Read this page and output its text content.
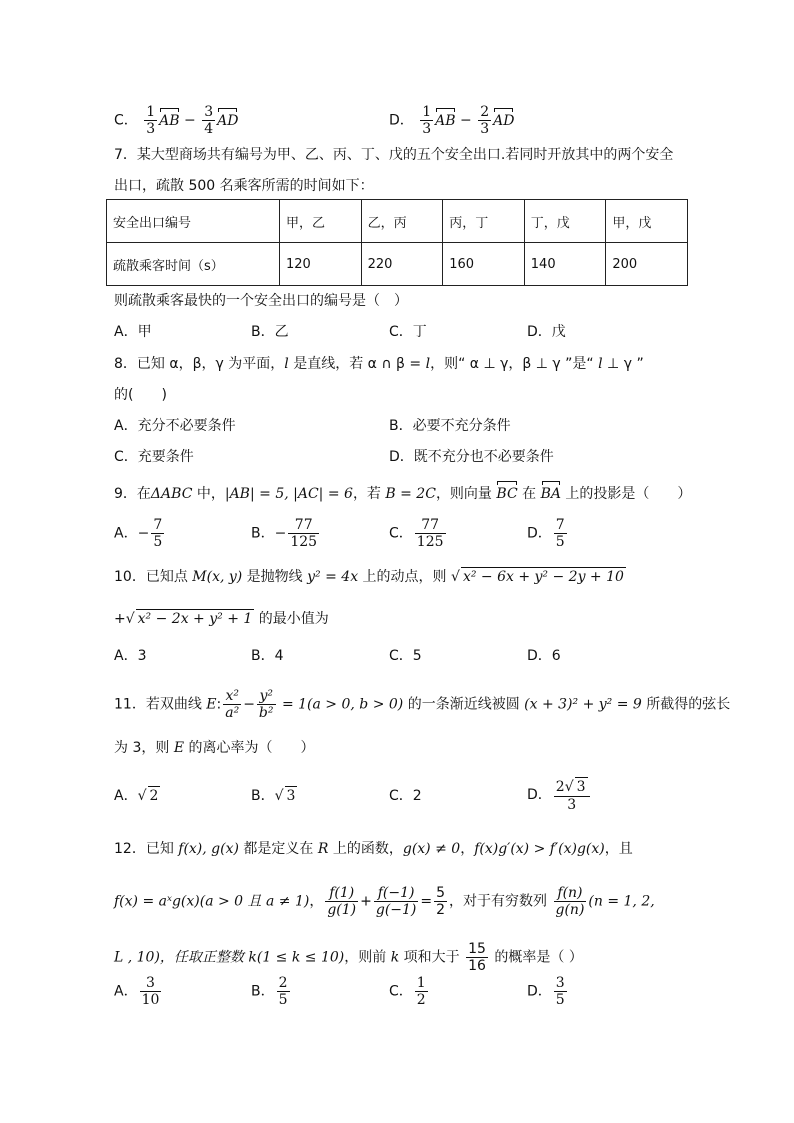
C． $\frac{1}{3}$ AB − $\frac{3}{4}$ AD	D． $\frac{1}{3}$ AB − $\frac{2}{3}$ AD
7．某大型商场共有编号为甲、乙、丙、丁、戊的五个安全出口.若同时开放其中的两个安全
出口，疏散 500 名乘客所需的时间如下：
安全出口编号	甲，乙	乙，丙	丙，丁	丁，戊	甲，戊
疏散乘客时间（s）	120	220	160	140	200
则疏散乘客最快的一个安全出口的编号是（　）
A．甲	B．乙	C．丁	D．戊
8．已知 α，β，γ 为平面，l 是直线，若 α ∩ β = l，则“ α ⊥ γ，β ⊥ γ ”是“ l ⊥ γ ”
的(　　)
A．充分不必要条件	B．必要不充分条件
C．充要条件	D．既不充分也不必要条件
9．在ΔABC 中，|AB| = 5, |AC| = 6，若 B = 2C，则向量 BC 在 BA 上的投影是（　　）
A．− $\frac{7}{5}$	B．− $\frac{77}{125}$	C． $\frac{77}{125}$	D． $\frac{7}{5}$
10．已知点 M(x, y) 是抛物线 y² = 4x 上的动点，则 √ x² − 6x + y² − 2y + 10
+√ x² − 2x + y² + 1 的最小值为
A．3	B．4	C．5	D．6
11．若双曲线 E: $\frac{\text{x²}}{\text{a²}} - \frac{\text{y²}}{\text{b²}} = 1(a > 0$, b > 0) 的一条渐近线被圆 (x + 3)² + y² = 9 所截得的弦长
为 3，则 E 的离心率为（　　）
A．√ 2	B．√ 3	C．2	D． $\frac{2√ 3}{3}$
12．已知 f(x), g(x) 都是定义在 R 上的函数，g(x) ≠ 0，f(x)g′(x) > f′(x)g(x)，且
f(x) = aˣg(x)(a > 0 且 a ≠ 1)， $\frac{f(1)}{g(1)} + \frac{f(-1)}{g(-1)} = \frac{5}{2}$ ，对于有穷数列 $\frac{f(n)}{g(n)} (n = 1$, 2,
L , 10)，任取正整数 k(1 ≤ k ≤ 10)，则前 k 项和大于 $\frac{15}{16}$ 的概率是（ ）
A． $\frac{3}{10}$	B． $\frac{2}{5}$	C． $\frac{1}{2}$	D． $\frac{3}{5}$
